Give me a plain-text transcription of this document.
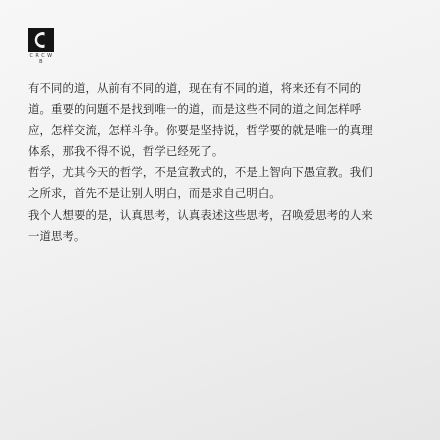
C R C W B

有不同的道，从前有不同的道，现在有不同的道，将来还有不同的
道。重要的问题不是找到唯一的道，而是这些不同的道之间怎样呼
应，怎样交流，怎样斗争。你要是坚持说，哲学要的就是唯一的真理
体系，那我不得不说，哲学已经死了。

哲学，尤其今天的哲学，不是宣教式的，不是上智向下愚宣教。我们
之所求，首先不是让别人明白，而是求自己明白。

我个人想要的是，认真思考，认真表述这些思考，召唤爱思考的人来
一道思考。
